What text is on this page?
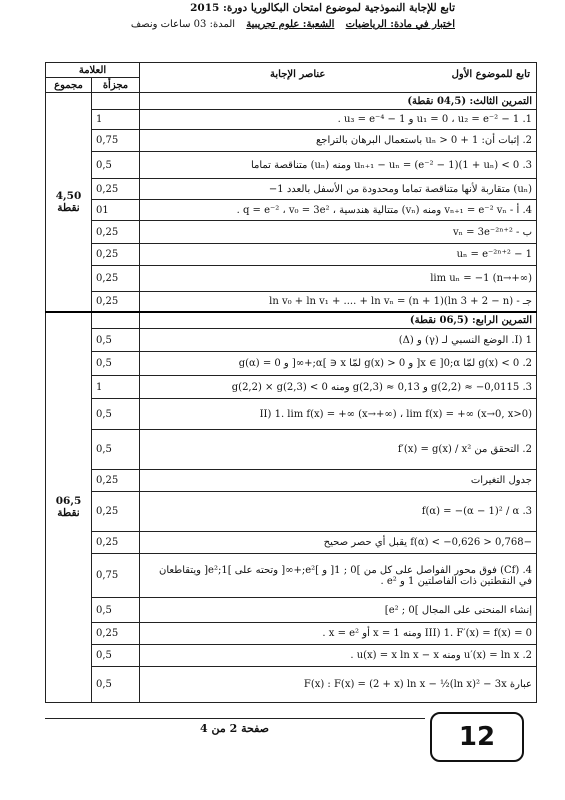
تابع للإجابة النموذجية لموضوع امتحان البكالوريا دورة: 2015
اختبار في مادة: الرياضيات الشعبة: علوم تجريبية المدة: 03 ساعات ونصف
العلامة		عناصر الإجابة تابع للموضوع الأول

مجموع	مجزأة	

4,50
نقطة		التمرين الثالث: (04,5 نقطة)
	1	1. u₁ = 0 ، u₂ = e⁻² − 1 و u₃ = e⁻⁴ − 1 .
	0,75	2. إثبات أن: 1 + uₙ > 0 باستعمال البرهان بالتراجع
	0,5	3. uₙ₊₁ − uₙ = (e⁻² − 1)(1 + uₙ) < 0 ومنه (uₙ) متناقصة تماما
	0,25	(uₙ) متقاربة لأنها متناقصة تماما ومحدودة من الأسفل بالعدد 1−
	01	4. أ - vₙ₊₁ = e⁻² vₙ ومنه (vₙ) متتالية هندسية ، q = e⁻² ، v₀ = 3e² .
	0,25	ب - vₙ = 3e⁻²ⁿ⁺²
	0,25	uₙ = e⁻²ⁿ⁺² − 1
	0,25	lim uₙ = −1 (n→+∞)
	0,25	جـ - ln v₀ + ln v₁ + .... + ln vₙ = (n + 1)(ln 3 + 2 − n)

06,5
نقطة		التمرين الرابع: (06,5 نقطة)
	0,5	I) 1. الوضع النسبي لـ (γ) و (Δ)
	0,5	2. g(x) < 0 لمّا x ∈ ]0;α[ و g(x) > 0 لمّا x ∈ ]α;+∞[ و g(α) = 0
	1	3. g(2,2) ≈ −0,0115 و g(2,3) ≈ 0,13 ومنه g(2,2) × g(2,3) < 0
	0,5	II) 1. lim f(x) = +∞ (x→+∞) ، lim f(x) = +∞ (x→0, x>0)
	0,5	2. التحقق من f′(x) = g(x) / x²
	0,25	جدول التغيرات
	0,25	3. f(α) = −(α − 1)² / α
	0,25	−0,768 < f(α) < −0,626 يقبل أي حصر صحيح
	0,75	4. (Cf) فوق محور الفواصل على كل من ]0 ; 1[ و ]e²;+∞[ وتحته على ]1;e²[ ويتقاطعان في النقطتين ذات الفاصلتين 1 و e² .
	0,5	إنشاء المنحنى على المجال ]0 ; e²]
	0,25	III) 1. F′(x) = f(x) = 0 ومنه x = 1 أو x = e² .
	0,5	2. u′(x) = ln x ومنه u(x) = x ln x − x .
	0,5	عبارة F(x) : F(x) = (2 + x) ln x − ½(ln x)² − 3x
صفحة 2 من 4	12
